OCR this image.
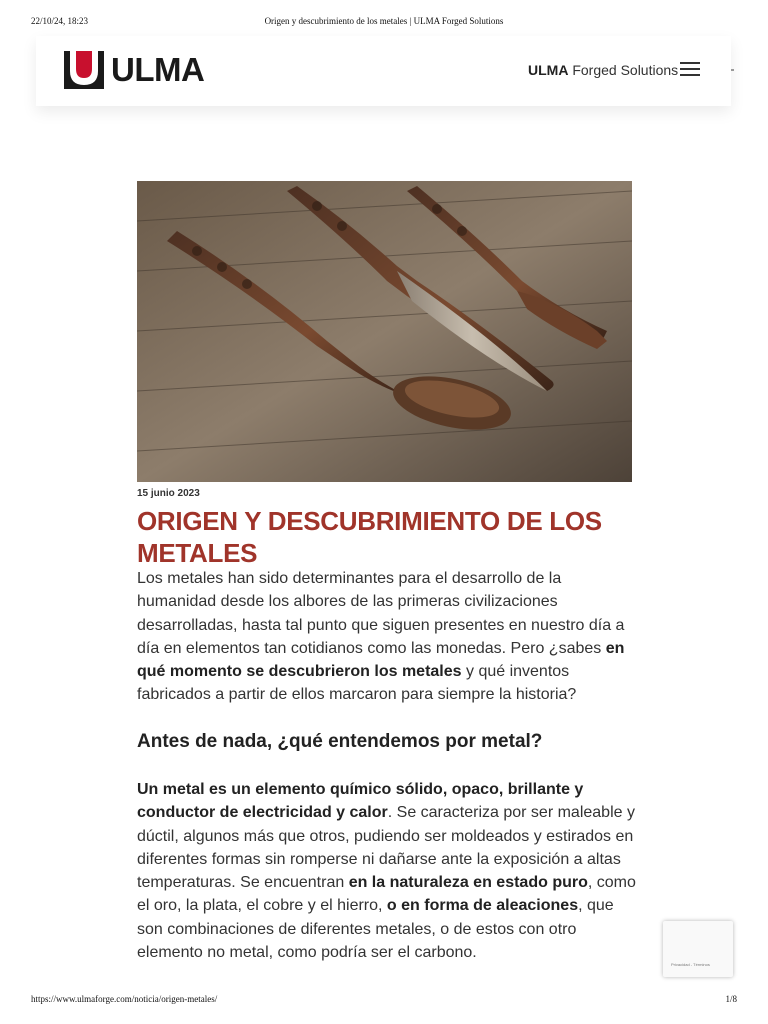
22/10/24, 18:23	Origen y descubrimiento de los metales | ULMA Forged Solutions
ULMA	ULMA Forged Solutions

15 junio 2023

ORIGEN Y DESCUBRIMIENTO DE LOS METALES

Los metales han sido determinantes para el desarrollo de la humanidad desde los albores de las primeras civilizaciones desarrolladas, hasta tal punto que siguen presentes en nuestro día a día en elementos tan cotidianos como las monedas. Pero ¿sabes en qué momento se descubrieron los metales y qué inventos fabricados a partir de ellos marcaron para siempre la historia?

Antes de nada, ¿qué entendemos por metal?

Un metal es un elemento químico sólido, opaco, brillante y conductor de electricidad y calor. Se caracteriza por ser maleable y dúctil, algunos más que otros, pudiendo ser moldeados y estirados en diferentes formas sin romperse ni dañarse ante la exposición a altas temperaturas. Se encuentran en la naturaleza en estado puro, como el oro, la plata, el cobre y el hierro, o en forma de aleaciones, que son combinaciones de diferentes metales, o de estos con otro elemento no metal, como podría ser el carbono.

Privacidad - Términos
https://www.ulmaforge.com/noticia/origen-metales/	1/8
